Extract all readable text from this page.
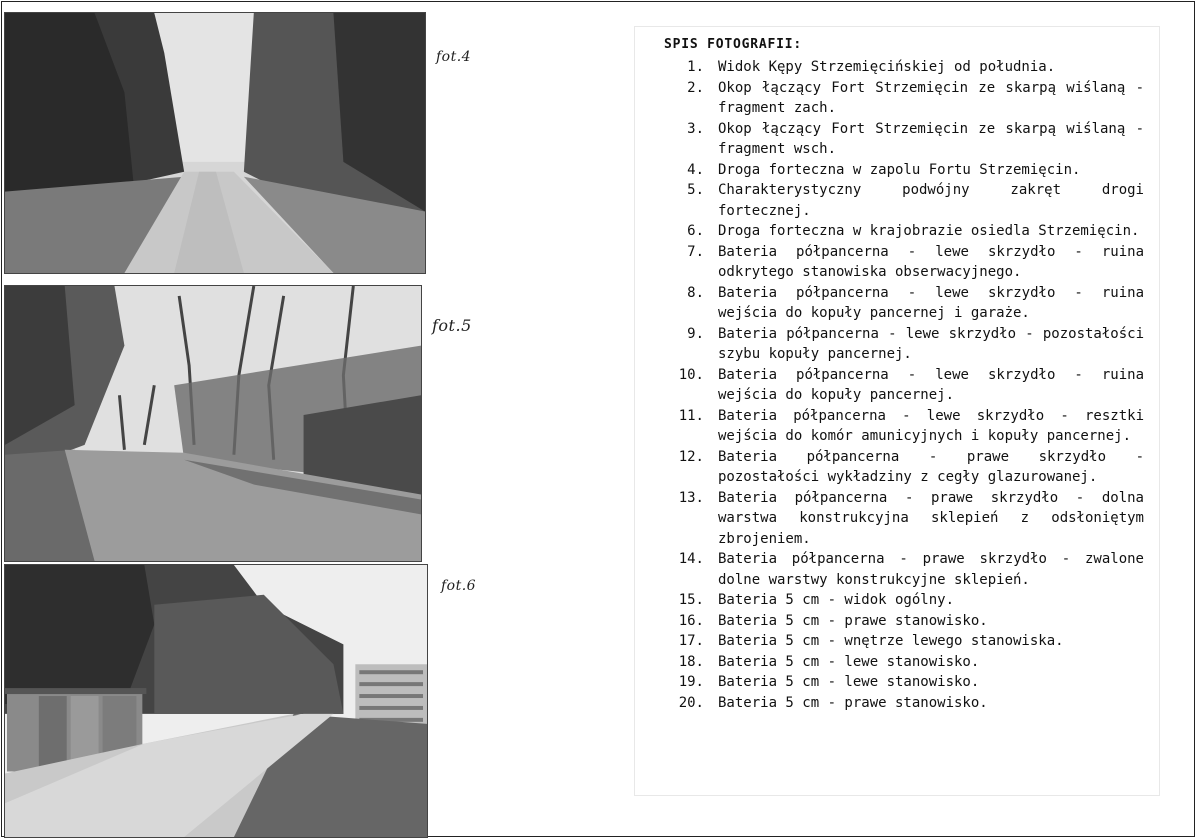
fot.4
fot.5
fot.6
SPIS FOTOGRAFII:
1.	Widok Kępy Strzemięcińskiej od południa.
2.	Okop łączący Fort Strzemięcin ze skarpą wiślaną - fragment zach.
3.	Okop łączący Fort Strzemięcin ze skarpą wiślaną - fragment wsch.
4.	Droga forteczna w zapolu Fortu Strzemięcin.
5.	Charakterystyczny podwójny zakręt drogi fortecznej.
6.	Droga forteczna w krajobrazie osiedla Strzemięcin.
7.	Bateria półpancerna - lewe skrzydło - ruina odkrytego stanowiska obserwacyjnego.
8.	Bateria półpancerna - lewe skrzydło - ruina wejścia do kopuły pancernej i garaże.
9.	Bateria półpancerna - lewe skrzydło - pozostałości szybu kopuły pancernej.
10.	Bateria półpancerna - lewe skrzydło - ruina wejścia do kopuły pancernej.
11.	Bateria półpancerna - lewe skrzydło - resztki wejścia do komór amunicyjnych i kopuły pancernej.
12.	Bateria półpancerna - prawe skrzydło - pozostałości wykładziny z cegły glazurowanej.
13.	Bateria półpancerna - prawe skrzydło - dolna warstwa konstrukcyjna sklepień z odsłoniętym zbrojeniem.
14.	Bateria półpancerna - prawe skrzydło - zwalone dolne warstwy konstrukcyjne sklepień.
15.	Bateria 5 cm - widok ogólny.
16.	Bateria 5 cm - prawe stanowisko.
17.	Bateria 5 cm - wnętrze lewego stanowiska.
18.	Bateria 5 cm - lewe stanowisko.
19.	Bateria 5 cm - lewe stanowisko.
20.	Bateria 5 cm - prawe stanowisko.
